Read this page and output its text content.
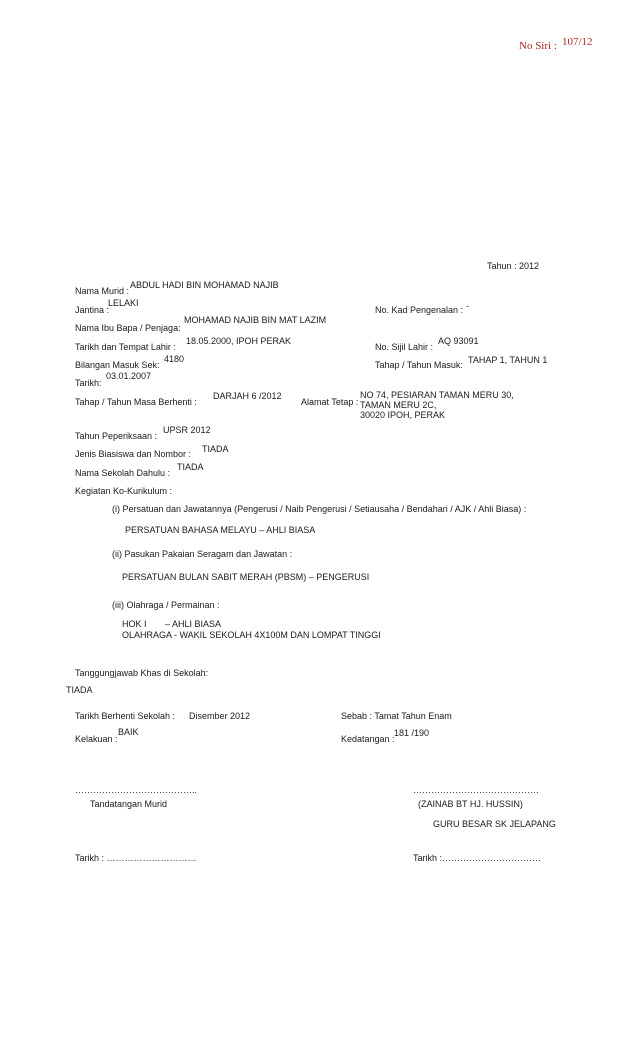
No Siri : 107/12
Tahun : 2012
Nama Murid :
ABDUL HADI BIN MOHAMAD NAJIB
Jantina :
LELAKI
No. Kad Pengenalan : -
Nama Ibu Bapa / Penjaga:
MOHAMAD NAJIB BIN MAT LAZIM
Tarikh dan Tempat Lahir :
18.05.2000, IPOH PERAK
No. Sijil Lahir :
AQ 93091
Bilangan Masuk Sek:
4180
Tahap / Tahun Masuk: TAHAP 1, TAHUN 1
Tarikh:
03.01.2007
Tahap / Tahun Masa Berhenti :
DARJAH 6 /2012
Alamat Tetap :
NO 74, PESIARAN TAMAN MERU 30,
TAMAN MERU 2C,
30020 IPOH, PERAK
Tahun Peperiksaan :
UPSR 2012
Jenis Biasiswa dan Nombor : TIADA
Nama Sekolah Dahulu :
TIADA
Kegiatan Ko-Kurikulum :
(i) Persatuan dan Jawatannya (Pengerusi / Naib Pengerusi / Setiausaha / Bendahari / AJK / Ahli Biasa) :
PERSATUAN BAHASA MELAYU – AHLI BIASA
(ii) Pasukan Pakaian Seragam dan Jawatan :
PERSATUAN BULAN SABIT MERAH (PBSM) – PENGERUSI
(iii) Olahraga / Permainan :
HOK I – AHLI BIASA
OLAHRAGA - WAKIL SEKOLAH 4X100M DAN LOMPAT TINGGI
Tanggungjawab Khas di Sekolah:
TIADA
Tarikh Berhenti Sekolah : Disember 2012	Sebab : Tamat Tahun Enam
Kelakuan :
BAIK
Kedatangan :
181 /190
…………………………………..
Tandatangan Murid
……………………………………
(ZAINAB BT HJ. HUSSIN)
GURU BESAR SK JELAPANG
Tarikh : …………………………	Tarikh :……………………………
